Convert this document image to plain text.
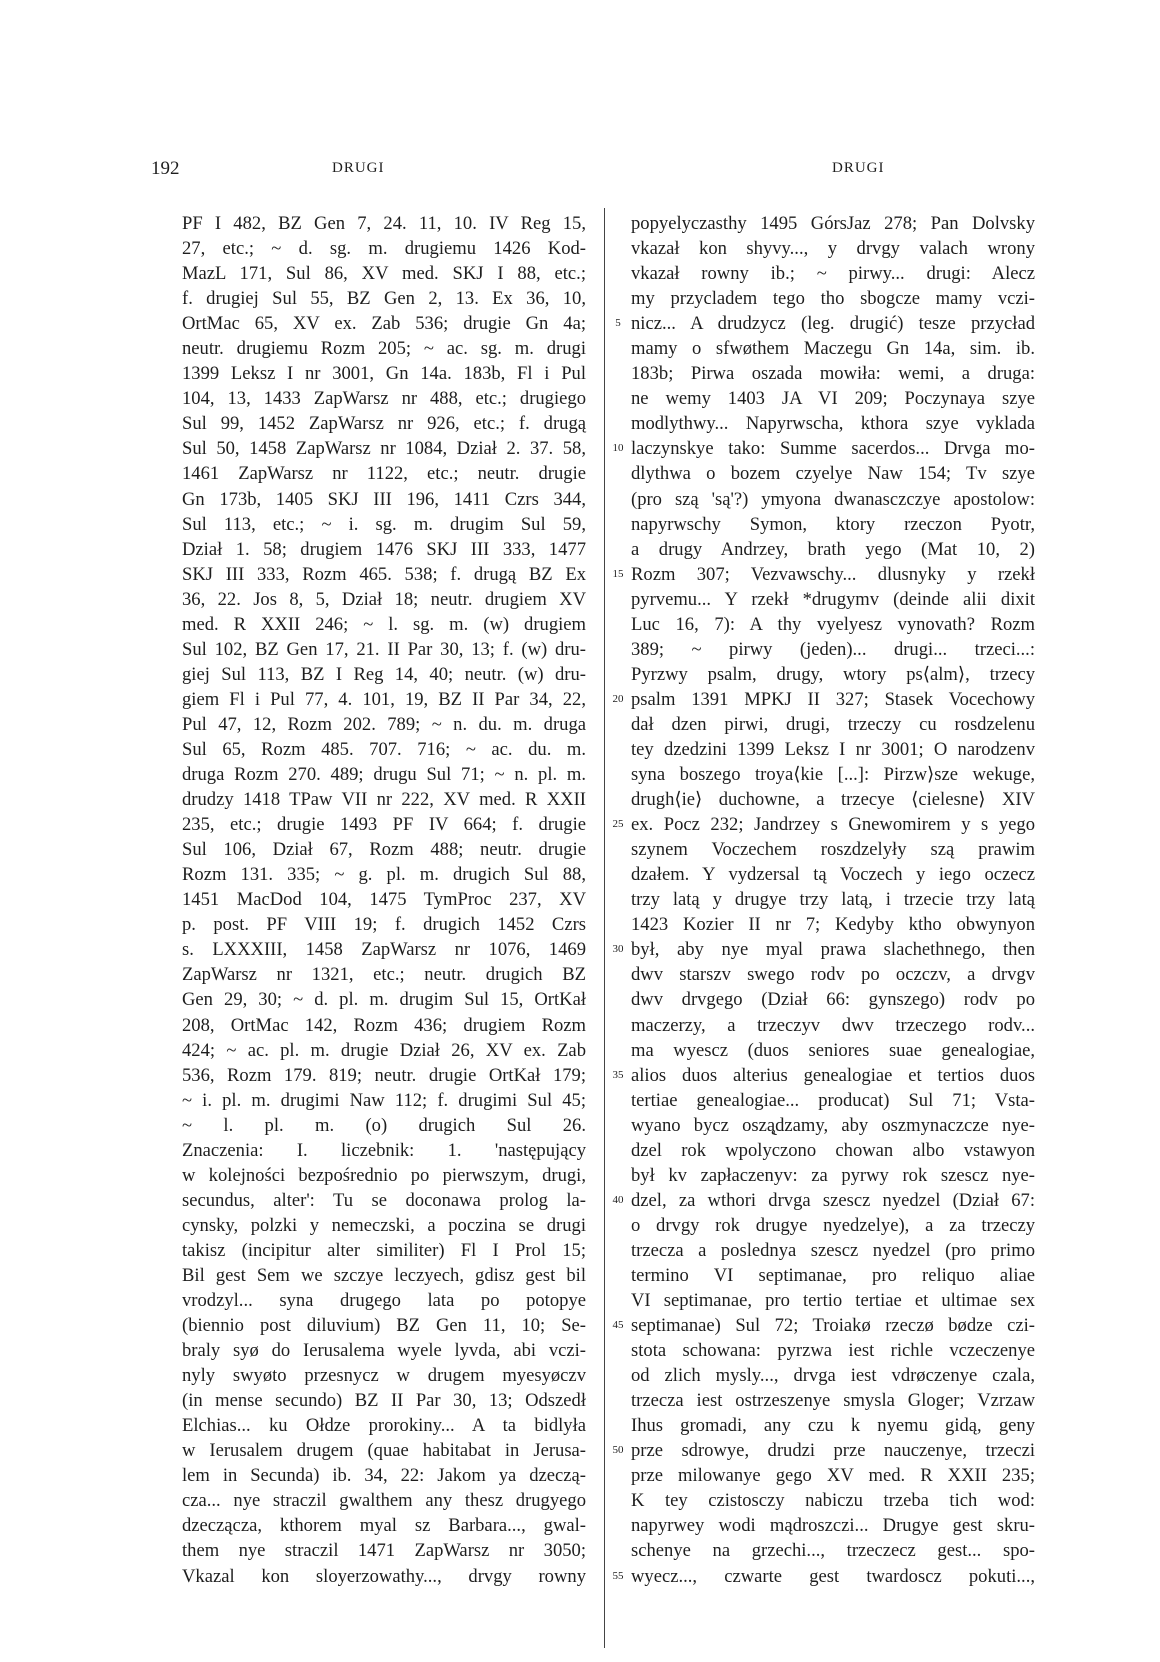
192	DRUGI	DRUGI
PF I 482, BZ Gen 7, 24. 11, 10. IV Reg 15,
27, etc.; ~ d. sg. m. drugiemu 1426 Kod-
MazL 171, Sul 86, XV med. SKJ I 88, etc.;
f. drugiej Sul 55, BZ Gen 2, 13. Ex 36, 10,
OrtMac 65, XV ex. Zab 536; drugie Gn 4a;
neutr. drugiemu Rozm 205; ~ ac. sg. m. drugi
1399 Leksz I nr 3001, Gn 14a. 183b, Fl i Pul
104, 13, 1433 ZapWarsz nr 488, etc.; drugiego
Sul 99, 1452 ZapWarsz nr 926, etc.; f. drugą
Sul 50, 1458 ZapWarsz nr 1084, Dział 2. 37. 58,
1461 ZapWarsz nr 1122, etc.; neutr. drugie
Gn 173b, 1405 SKJ III 196, 1411 Czrs 344,
Sul 113, etc.; ~ i. sg. m. drugim Sul 59,
Dział 1. 58; drugiem 1476 SKJ III 333, 1477
SKJ III 333, Rozm 465. 538; f. drugą BZ Ex
36, 22. Jos 8, 5, Dział 18; neutr. drugiem XV
med. R XXII 246; ~ l. sg. m. (w) drugiem
Sul 102, BZ Gen 17, 21. II Par 30, 13; f. (w) dru-
giej Sul 113, BZ I Reg 14, 40; neutr. (w) dru-
giem Fl i Pul 77, 4. 101, 19, BZ II Par 34, 22,
Pul 47, 12, Rozm 202. 789; ~ n. du. m. druga
Sul 65, Rozm 485. 707. 716; ~ ac. du. m.
druga Rozm 270. 489; drugu Sul 71; ~ n. pl. m.
drudzy 1418 TPaw VII nr 222, XV med. R XXII
235, etc.; drugie 1493 PF IV 664; f. drugie
Sul 106, Dział 67, Rozm 488; neutr. drugie
Rozm 131. 335; ~ g. pl. m. drugich Sul 88,
1451 MacDod 104, 1475 TymProc 237, XV
p. post. PF VIII 19; f. drugich 1452 Czrs
s. LXXXIII, 1458 ZapWarsz nr 1076, 1469
ZapWarsz nr 1321, etc.; neutr. drugich BZ
Gen 29, 30; ~ d. pl. m. drugim Sul 15, OrtKał
208, OrtMac 142, Rozm 436; drugiem Rozm
424; ~ ac. pl. m. drugie Dział 26, XV ex. Zab
536, Rozm 179. 819; neutr. drugie OrtKał 179;
~ i. pl. m. drugimi Naw 112; f. drugimi Sul 45;
~ l. pl. m. (o) drugich Sul 26.
Znaczenia: I. liczebnik: 1. 'następujący
w kolejności bezpośrednio po pierwszym, drugi,
secundus, alter': Tu se doconawa prolog la-
cynsky, polzki y nemeczski, a poczina se drugi
takisz (incipitur alter similiter) Fl I Prol 15;
Bil gest Sem we szczye leczyech, gdisz gest bil
vrodzyl... syna drugego lata po potopye
(biennio post diluvium) BZ Gen 11, 10; Se-
braly syø do Ierusalema wyele lyvda, abi vczi-
nyly swyøto przesnycz w drugem myesyøczv
(in mense secundo) BZ II Par 30, 13; Odszedł
Elchias... ku Ołdze prorokiny... A ta bidlyła
w Ierusalem drugem (quae habitabat in Jerusa-
lem in Secunda) ib. 34, 22: Jakom ya dzeczą-
cza... nye straczil gwalthem any thesz drugyego
dzeczącza, kthorem myal sz Barbara..., gwal-
them nye straczil 1471 ZapWarsz nr 3050;
Vkazal kon sloyerzowathy..., drvgy rowny
popyelyczasthy 1495 GórsJaz 278; Pan Dolvsky
vkazał kon shyvy..., y drvgy valach wrony
vkazał rowny ib.; ~ pirwy... drugi: Alecz
my przycladem tego tho sbogcze mamy vczi-
nicz... A drudzycz (leg. drugić) tesze przycład
mamy o sfwøthem Maczegu Gn 14a, sim. ib.
183b; Pirwa oszada mowiła: wemi, a druga:
ne wemy 1403 JA VI 209; Poczynaya szye
modlythwy... Napyrwscha, kthora szye vyklada
laczynskye tako: Summe sacerdos... Drvga mo-
dlythwa o bozem czyelye Naw 154; Tv szye
(pro szą 'są'?) ymyona dwanasczczye apostolow:
napyrwschy Symon, ktory rzeczon Pyotr,
a drugy Andrzey, brath yego (Mat 10, 2)
Rozm 307; Vezvawschy... dlusnyky y rzekł
pyrvemu... Y rzekł *drugymv (deinde alii dixit
Luc 16, 7): A thy vyelyesz vynovath? Rozm
389; ~ pirwy (jeden)... drugi... trzeci...:
Pyrzwy psalm, drugy, wtory ps⟨alm⟩, trzecy
psalm 1391 MPKJ II 327; Stasek Vocechowy
dał dzen pirwi, drugi, trzeczy cu rosdzelenu
tey dzedzini 1399 Leksz I nr 3001; O narodzenv
syna boszego troya⟨kie [...]: Pirzw⟩sze wekuge,
drugh⟨ie⟩ duchowne, a trzecye ⟨cielesne⟩ XIV
ex. Pocz 232; Jandrzey s Gnewomirem y s yego
szynem Voczechem roszdzelyły szą prawim
dzałem. Y vydzersal tą Voczech y iego oczecz
trzy latą y drugye trzy latą, i trzecie trzy latą
1423 Kozier II nr 7; Kedyby ktho obwynyon
był, aby nye myal prawa slachethnego, then
dwv starszv swego rodv po oczczv, a drvgv
dwv drvgego (Dział 66: gynszego) rodv po
maczerzy, a trzeczyv dwv trzeczego rodv...
ma wyescz (duos seniores suae genealogiae,
alios duos alterius genealogiae et tertios duos
tertiae genealogiae... producat) Sul 71; Vsta-
wyano bycz oszą̨dzamy, aby oszmynaczcze nye-
dzel rok wpolyczono chowan albo vstawyon
był kv zapłaczenyv: za pyrwy rok szescz nye-
dzel, za wthori drvga szescz nyedzel (Dział 67:
o drvgy rok drugye nyedzelye), a za trzeczy
trzecza a poslednya szescz nyedzel (pro primo
termino VI septimanae, pro reliquo aliae
VI septimanae, pro tertio tertiae et ultimae sex
septimanae) Sul 72; Troiakø rzeczø bødze czi-
stota schowana: pyrzwa iest richle vczeczenye
od zlich mysly..., drvga iest vdrøczenye czala,
trzecza iest ostrzeszenye smysla Gloger; Vzrzaw
Ihus gromadi, any czu k nyemu gidą, geny
prze sdrowye, drudzi prze nauczenye, trzeczi
prze milowanye gego XV med. R XXII 235;
K tey czistosczy nabiczu trzeba tich wod:
napyrwey wodi mądroszczi... Drugye gest skru-
schenye na grzechi..., trzeczecz gest... spo-
wyecz..., czwarte gest twardoscz pokuti...,
5
10
15
20
25
30
35
40
45
50
55
